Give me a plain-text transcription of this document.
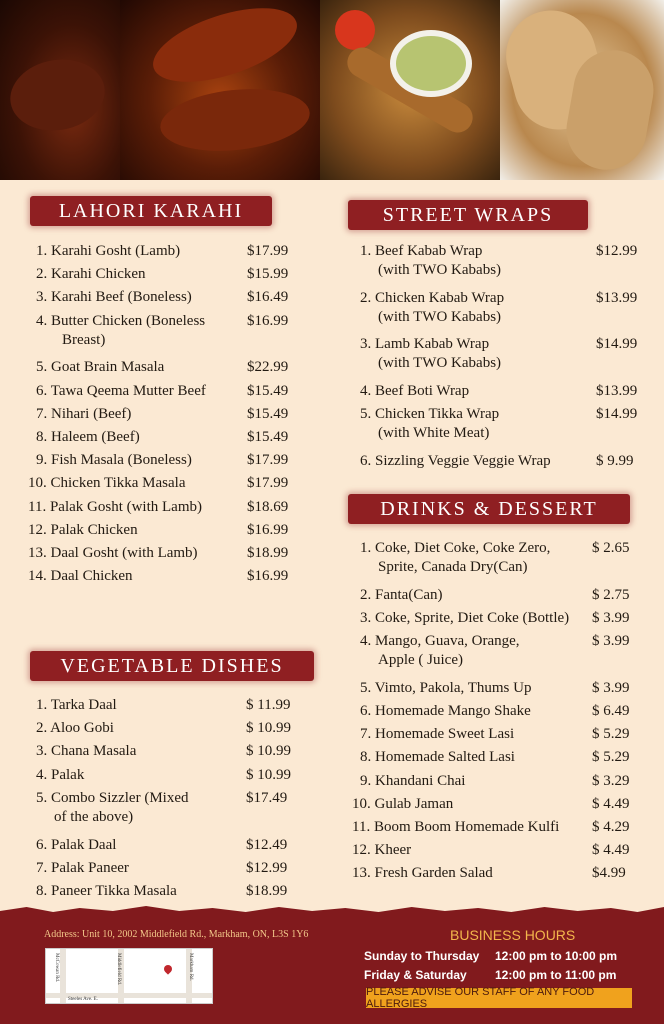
LAHORI KARAHI	STREET WRAPS
DRINKS & DESSERT
VEGETABLE DISHES
1. Karahi Gosht (Lamb)	$17.99
2. Karahi Chicken	$15.99
3. Karahi Beef (Boneless)	$16.49
4. Butter Chicken (Boneless
Breast)
$16.99
5. Goat Brain Masala	$22.99
6. Tawa Qeema Mutter Beef	$15.49
7. Nihari (Beef)	$15.49
8. Haleem (Beef)	$15.49
9. Fish Masala (Boneless)	$17.99
10. Chicken Tikka Masala	$17.99
11. Palak Gosht (with Lamb)	$18.69
12. Palak Chicken	$16.99
13. Daal Gosht (with Lamb)	$18.99
14. Daal Chicken	$16.99
1. Tarka Daal	$ 11.99
2. Aloo Gobi	$ 10.99
3. Chana Masala	$ 10.99
4. Palak	$ 10.99
5. Combo Sizzler (Mixed
of the above)
$17.49
6. Palak Daal	$12.49
7. Palak Paneer	$12.99
8. Paneer Tikka Masala	$18.99
1. Beef Kabab Wrap
(with TWO Kababs)
$12.99
2. Chicken Kabab Wrap
(with TWO Kababs)
$13.99
3. Lamb Kabab Wrap
(with TWO Kababs)
$14.99
4. Beef Boti Wrap	$13.99
5. Chicken Tikka Wrap
(with White Meat)
$14.99
6. Sizzling Veggie Veggie Wrap	$ 9.99
1. Coke, Diet Coke, Coke Zero,
Sprite, Canada Dry(Can)
$ 2.65
2. Fanta(Can)	$ 2.75
3. Coke, Sprite, Diet Coke (Bottle) $ 3.99
4. Mango, Guava, Orange,
Apple ( Juice)
$ 3.99
5. Vimto, Pakola, Thums Up	$ 3.99
6. Homemade Mango Shake	$ 6.49
7. Homemade Sweet Lasi	$ 5.29
8. Homemade Salted Lasi	$ 5.29
9. Khandani Chai	$ 3.29
10. Gulab Jaman	$ 4.49
11. Boom Boom Homemade Kulfi $ 4.29
12. Kheer	$ 4.49
13. Fresh Garden Salad	$4.99
Address: Unit 10, 2002 Middlefield Rd., Markham, ON, L3S 1Y6
McCowan Rd.	Middlefield Rd.	Markham Rd.
Steeles Ave. E.
BUSINESS HOURS
Sunday to Thursday 12:00 pm to 10:00 pm
Friday & Saturday 12:00 pm to 11:00 pm
PLEASE ADVISE OUR STAFF OF ANY FOOD ALLERGIES
